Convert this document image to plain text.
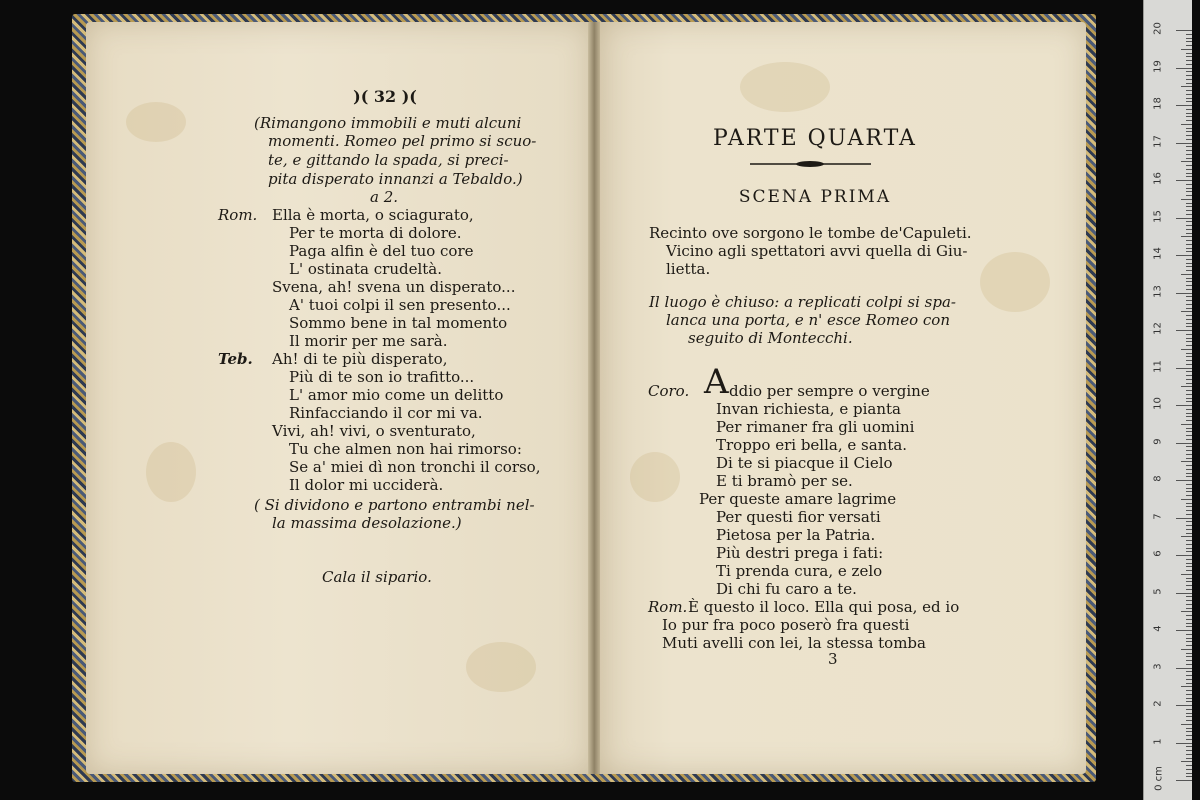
)( 32 )(
(Rimangono immobili e muti alcuni
momenti. Romeo pel primo si scuo-
te, e gittando la spada, si preci-
pita disperato innanzi a Tebaldo.)
a 2.
Rom. Ella è morta, o sciagurato,
Per te morta di dolore.
Paga alfin è del tuo core
L' ostinata crudeltà.
Svena, ah! svena un disperato...
A' tuoi colpi il sen presento...
Sommo bene in tal momento
Il morir per me sarà.
Teb. Ah! di te più disperato,
Più di te son io trafitto...
L' amor mio come un delitto
Rinfacciando il cor mi va.
Vivi, ah! vivi, o sventurato,
Tu che almen non hai rimorso:
Se a' miei dì non tronchi il corso,
Il dolor mi ucciderà.
( Si dividono e partono entrambi nel-
la massima desolazione.)
Cala il sipario.
PARTE QUARTA
SCENA PRIMA
Recinto ove sorgono le tombe de'Capuleti.
Vicino agli spettatori avvi quella di Giu-
lietta.
Il luogo è chiuso: a replicati colpi si spa-
lanca una porta, e n' esce Romeo con
seguito di Montecchi.
Coro. A ddio per sempre o vergine
Invan richiesta, e pianta
Per rimaner fra gli uomini
Troppo eri bella, e santa.
Di te si piacque il Cielo
E ti bramò per se.
Per queste amare lagrime
Per questi fior versati
Pietosa per la Patria.
Più destri prega i fati:
Ti prenda cura, e zelo
Di chi fu caro a te.
Rom. È questo il loco. Ella qui posa, ed io
Io pur fra poco poserò fra questi
Muti avelli con lei, la stessa tomba
3
0 cm
1
2
3
4
5
6
7
8
9
10
11
12
13
14
15
16
17
18
19
20
